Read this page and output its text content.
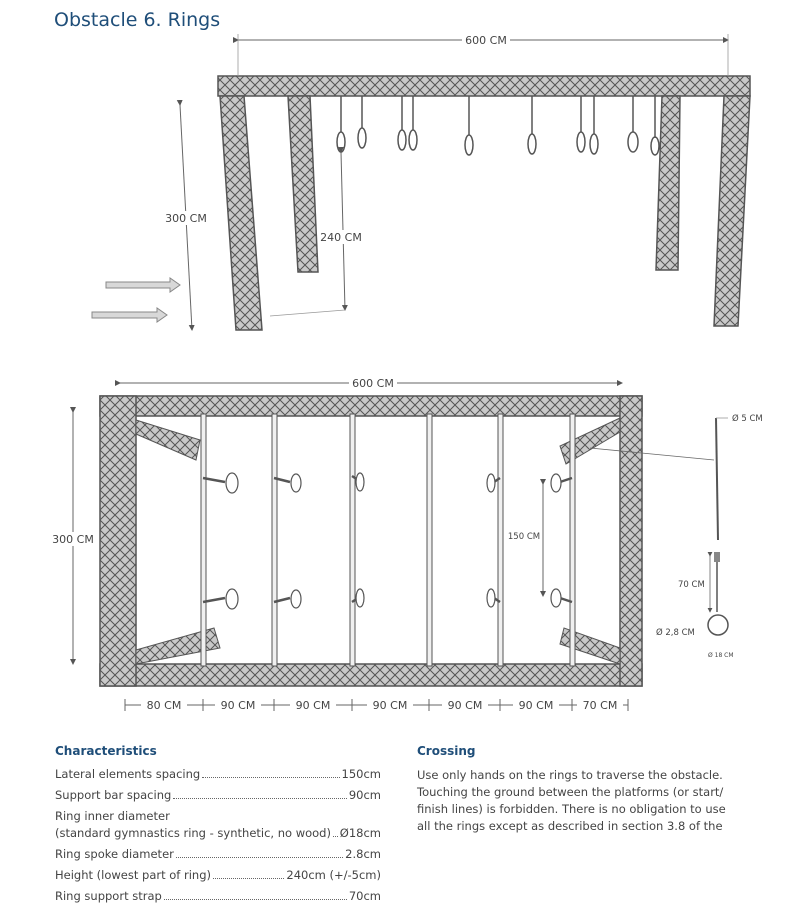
Obstacle 6. Rings
600 CM
300 CM
240 CM
600 CM
300 CM	150 CM
80 CM	90 CM	90 CM	90 CM	90 CM	90 CM	70 CM
Ø 5 CM
70 CM
Ø 2,8 CM
Ø 18 CM
Characteristics
Lateral elements spacing	150cm
Support bar spacing	90cm
Ring inner diameter
(standard gymnastics ring - synthetic, no wood) Ø18cm
Ring spoke diameter	2.8cm
Height (lowest part of ring)	240cm (+/-5cm)
Ring support strap	70cm
Crossing

Use only hands on the rings to traverse the obstacle. Touching the ground between the platforms (or start/ finish lines) is forbidden. There is no obligation to use all the rings except as described in section 3.8 of the
